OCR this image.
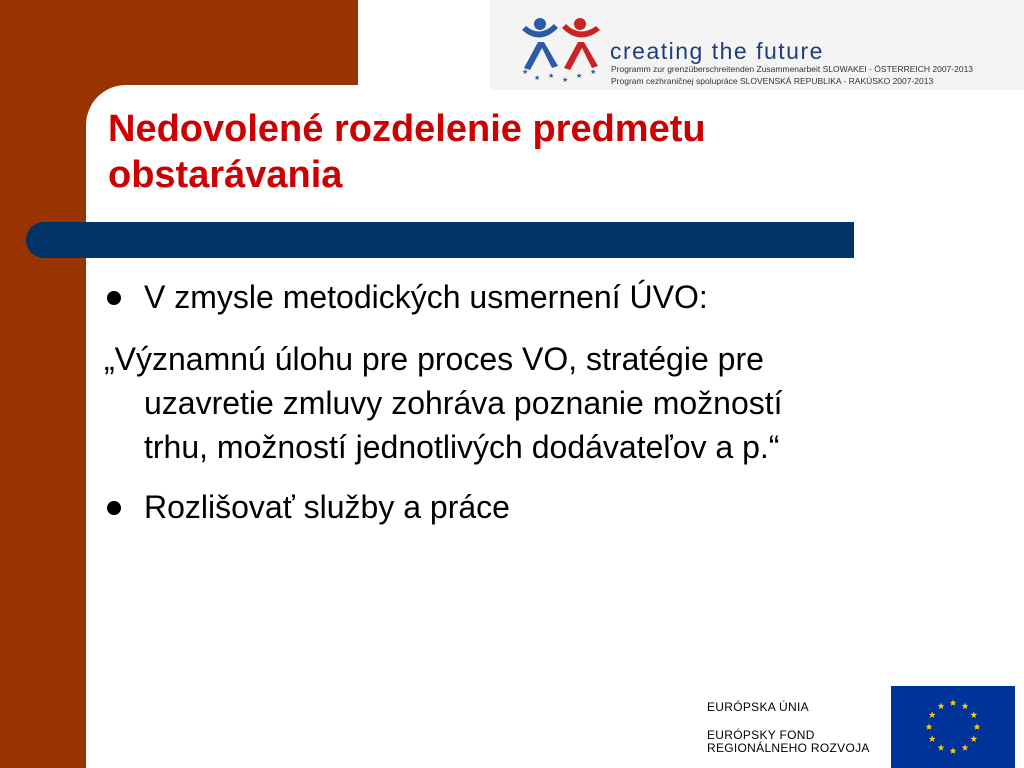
★
★ ★ ★ ★ ★
creating the future
Programm zur grenzüberschreitenden Zusammenarbeit SLOWAKEI - ÖSTERREICH 2007-2013
Program cezhraničnej spolupráce SLOVENSKÁ REPUBLIKA - RAKÚSKO 2007-2013
Nedovolené rozdelenie predmetu
obstarávania
V zmysle metodických usmernení ÚVO:
„Významnú úlohu pre proces VO, stratégie pre
uzavretie zmluvy zohráva poznanie možností
trhu, možností jednotlivých dodávateľov a p.“
Rozlišovať služby a práce
EURÓPSKA ÚNIA
EURÓPSKY FOND
REGIONÁLNEHO ROZVOJA
